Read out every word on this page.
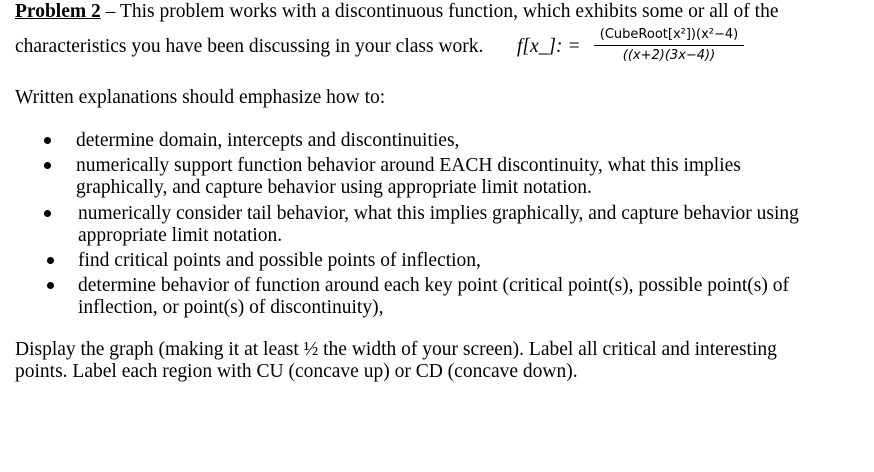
Problem 2 – This problem works with a discontinuous function, which exhibits some or all of the
characteristics you have been discussing in your class work. f[x_]: =
(CubeRoot[x²])(x²−4)
((x+2)(3x−4))
Written explanations should emphasize how to:
determine domain, intercepts and discontinuities,
numerically support function behavior around EACH discontinuity, what this implies
graphically, and capture behavior using appropriate limit notation.
numerically consider tail behavior, what this implies graphically, and capture behavior using
appropriate limit notation.
find critical points and possible points of inflection,
determine behavior of function around each key point (critical point(s), possible point(s) of
inflection, or point(s) of discontinuity),
Display the graph (making it at least ½ the width of your screen). Label all critical and interesting
points. Label each region with CU (concave up) or CD (concave down).
